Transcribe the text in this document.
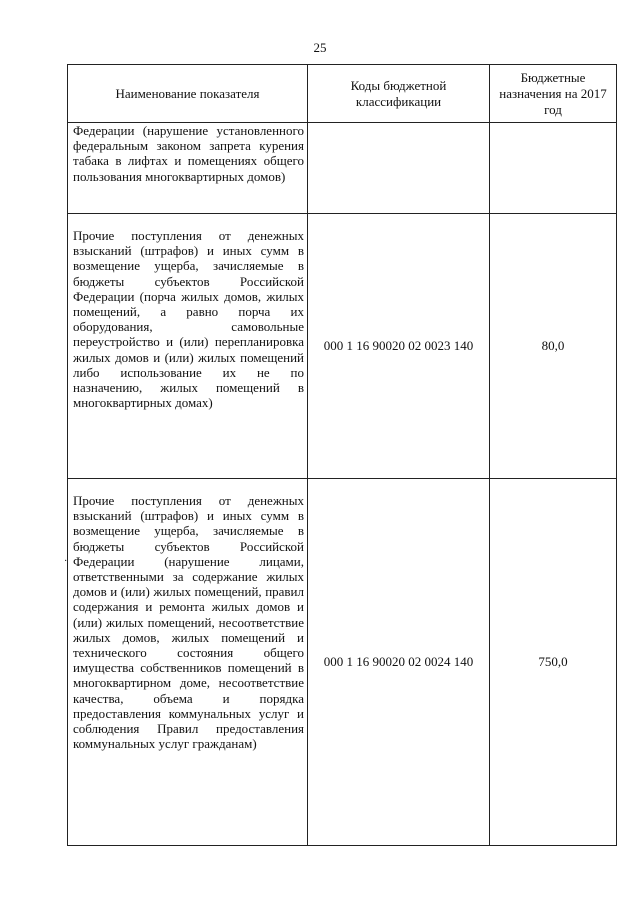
25
Наименование показателя	Коды бюджетной классификации	Бюджетные назначения на 2017 год

Федерации (нарушение установленного федеральным законом запрета курения табака в лифтах и помещениях общего пользования многоквартирных домов)		

Прочие поступления от денежных взысканий (штрафов) и иных сумм в возмещение ущерба, зачисляемые в бюджеты субъектов Российской Федерации (порча жилых домов, жилых помещений, а равно порча их оборудования, самовольные переустройство и (или) перепланировка жилых домов и (или) жилых помещений либо использование их не по назначению, жилых помещений в многоквартирных домах)	000 1 16 90020 02 0023 140	80,0

Прочие поступления от денежных взысканий (штрафов) и иных сумм в возмещение ущерба, зачисляемые в бюджеты субъектов Российской Федерации (нарушение лицами, ответственными за содержание жилых домов и (или) жилых помещений, правил содержания и ремонта жилых домов и (или) жилых помещений, несоответствие жилых домов, жилых помещений и технического состояния общего имущества собственников помещений в многоквартирном доме, несоответствие качества, объема и порядка предоставления коммунальных услуг и соблюдения Правил предоставления коммунальных услуг гражданам)	000 1 16 90020 02 0024 140	750,0
·
